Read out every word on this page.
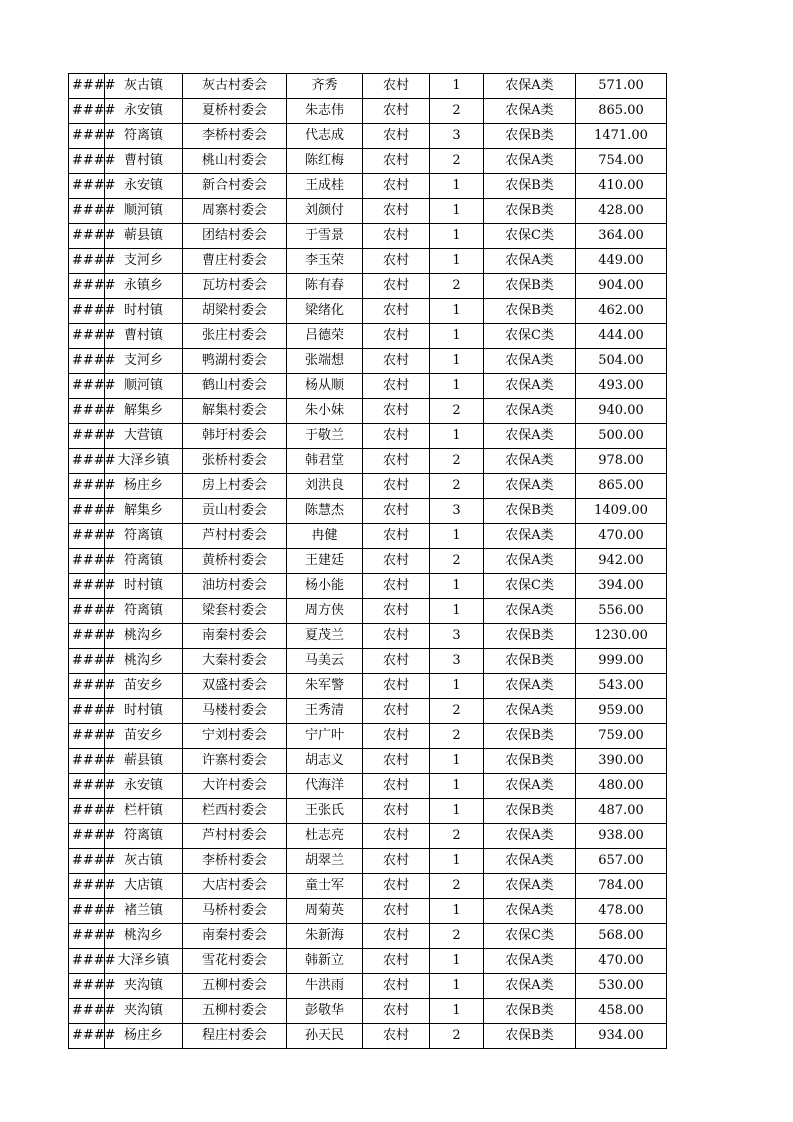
####	灰古镇	灰古村委会	齐秀	农村	1	农保A类	571.00
####	永安镇	夏桥村委会	朱志伟	农村	2	农保A类	865.00
####	符离镇	李桥村委会	代志成	农村	3	农保B类	1471.00
####	曹村镇	桃山村委会	陈红梅	农村	2	农保A类	754.00
####	永安镇	新合村委会	王成桂	农村	1	农保B类	410.00
####	顺河镇	周寨村委会	刘颜付	农村	1	农保B类	428.00
####	蕲县镇	团结村委会	于雪景	农村	1	农保C类	364.00
####	支河乡	曹庄村委会	李玉荣	农村	1	农保A类	449.00
####	永镇乡	瓦坊村委会	陈有春	农村	2	农保B类	904.00
####	时村镇	胡梁村委会	梁绪化	农村	1	农保B类	462.00
####	曹村镇	张庄村委会	吕德荣	农村	1	农保C类	444.00
####	支河乡	鸭湖村委会	张端想	农村	1	农保A类	504.00
####	顺河镇	鹤山村委会	杨从顺	农村	1	农保A类	493.00
####	解集乡	解集村委会	朱小妹	农村	2	农保A类	940.00
####	大营镇	韩圩村委会	于敬兰	农村	1	农保A类	500.00
####	大泽乡镇	张桥村委会	韩君堂	农村	2	农保A类	978.00
####	杨庄乡	房上村委会	刘洪良	农村	2	农保A类	865.00
####	解集乡	贡山村委会	陈慧杰	农村	3	农保B类	1409.00
####	符离镇	芦村村委会	冉健	农村	1	农保A类	470.00
####	符离镇	黄桥村委会	王建廷	农村	2	农保A类	942.00
####	时村镇	油坊村委会	杨小能	农村	1	农保C类	394.00
####	符离镇	梁套村委会	周方侠	农村	1	农保A类	556.00
####	桃沟乡	南秦村委会	夏茂兰	农村	3	农保B类	1230.00
####	桃沟乡	大秦村委会	马美云	农村	3	农保B类	999.00
####	苗安乡	双盛村委会	朱军警	农村	1	农保A类	543.00
####	时村镇	马楼村委会	王秀清	农村	2	农保A类	959.00
####	苗安乡	宁刘村委会	宁广叶	农村	2	农保B类	759.00
####	蕲县镇	许寨村委会	胡志义	农村	1	农保B类	390.00
####	永安镇	大许村委会	代海洋	农村	1	农保A类	480.00
####	栏杆镇	栏西村委会	王张氏	农村	1	农保B类	487.00
####	符离镇	芦村村委会	杜志亮	农村	2	农保A类	938.00
####	灰古镇	李桥村委会	胡翠兰	农村	1	农保A类	657.00
####	大店镇	大店村委会	童士军	农村	2	农保A类	784.00
####	褚兰镇	马桥村委会	周菊英	农村	1	农保A类	478.00
####	桃沟乡	南秦村委会	朱新海	农村	2	农保C类	568.00
####	大泽乡镇	雪花村委会	韩新立	农村	1	农保A类	470.00
####	夹沟镇	五柳村委会	牛洪雨	农村	1	农保A类	530.00
####	夹沟镇	五柳村委会	彭敬华	农村	1	农保B类	458.00
####	杨庄乡	程庄村委会	孙天民	农村	2	农保B类	934.00
